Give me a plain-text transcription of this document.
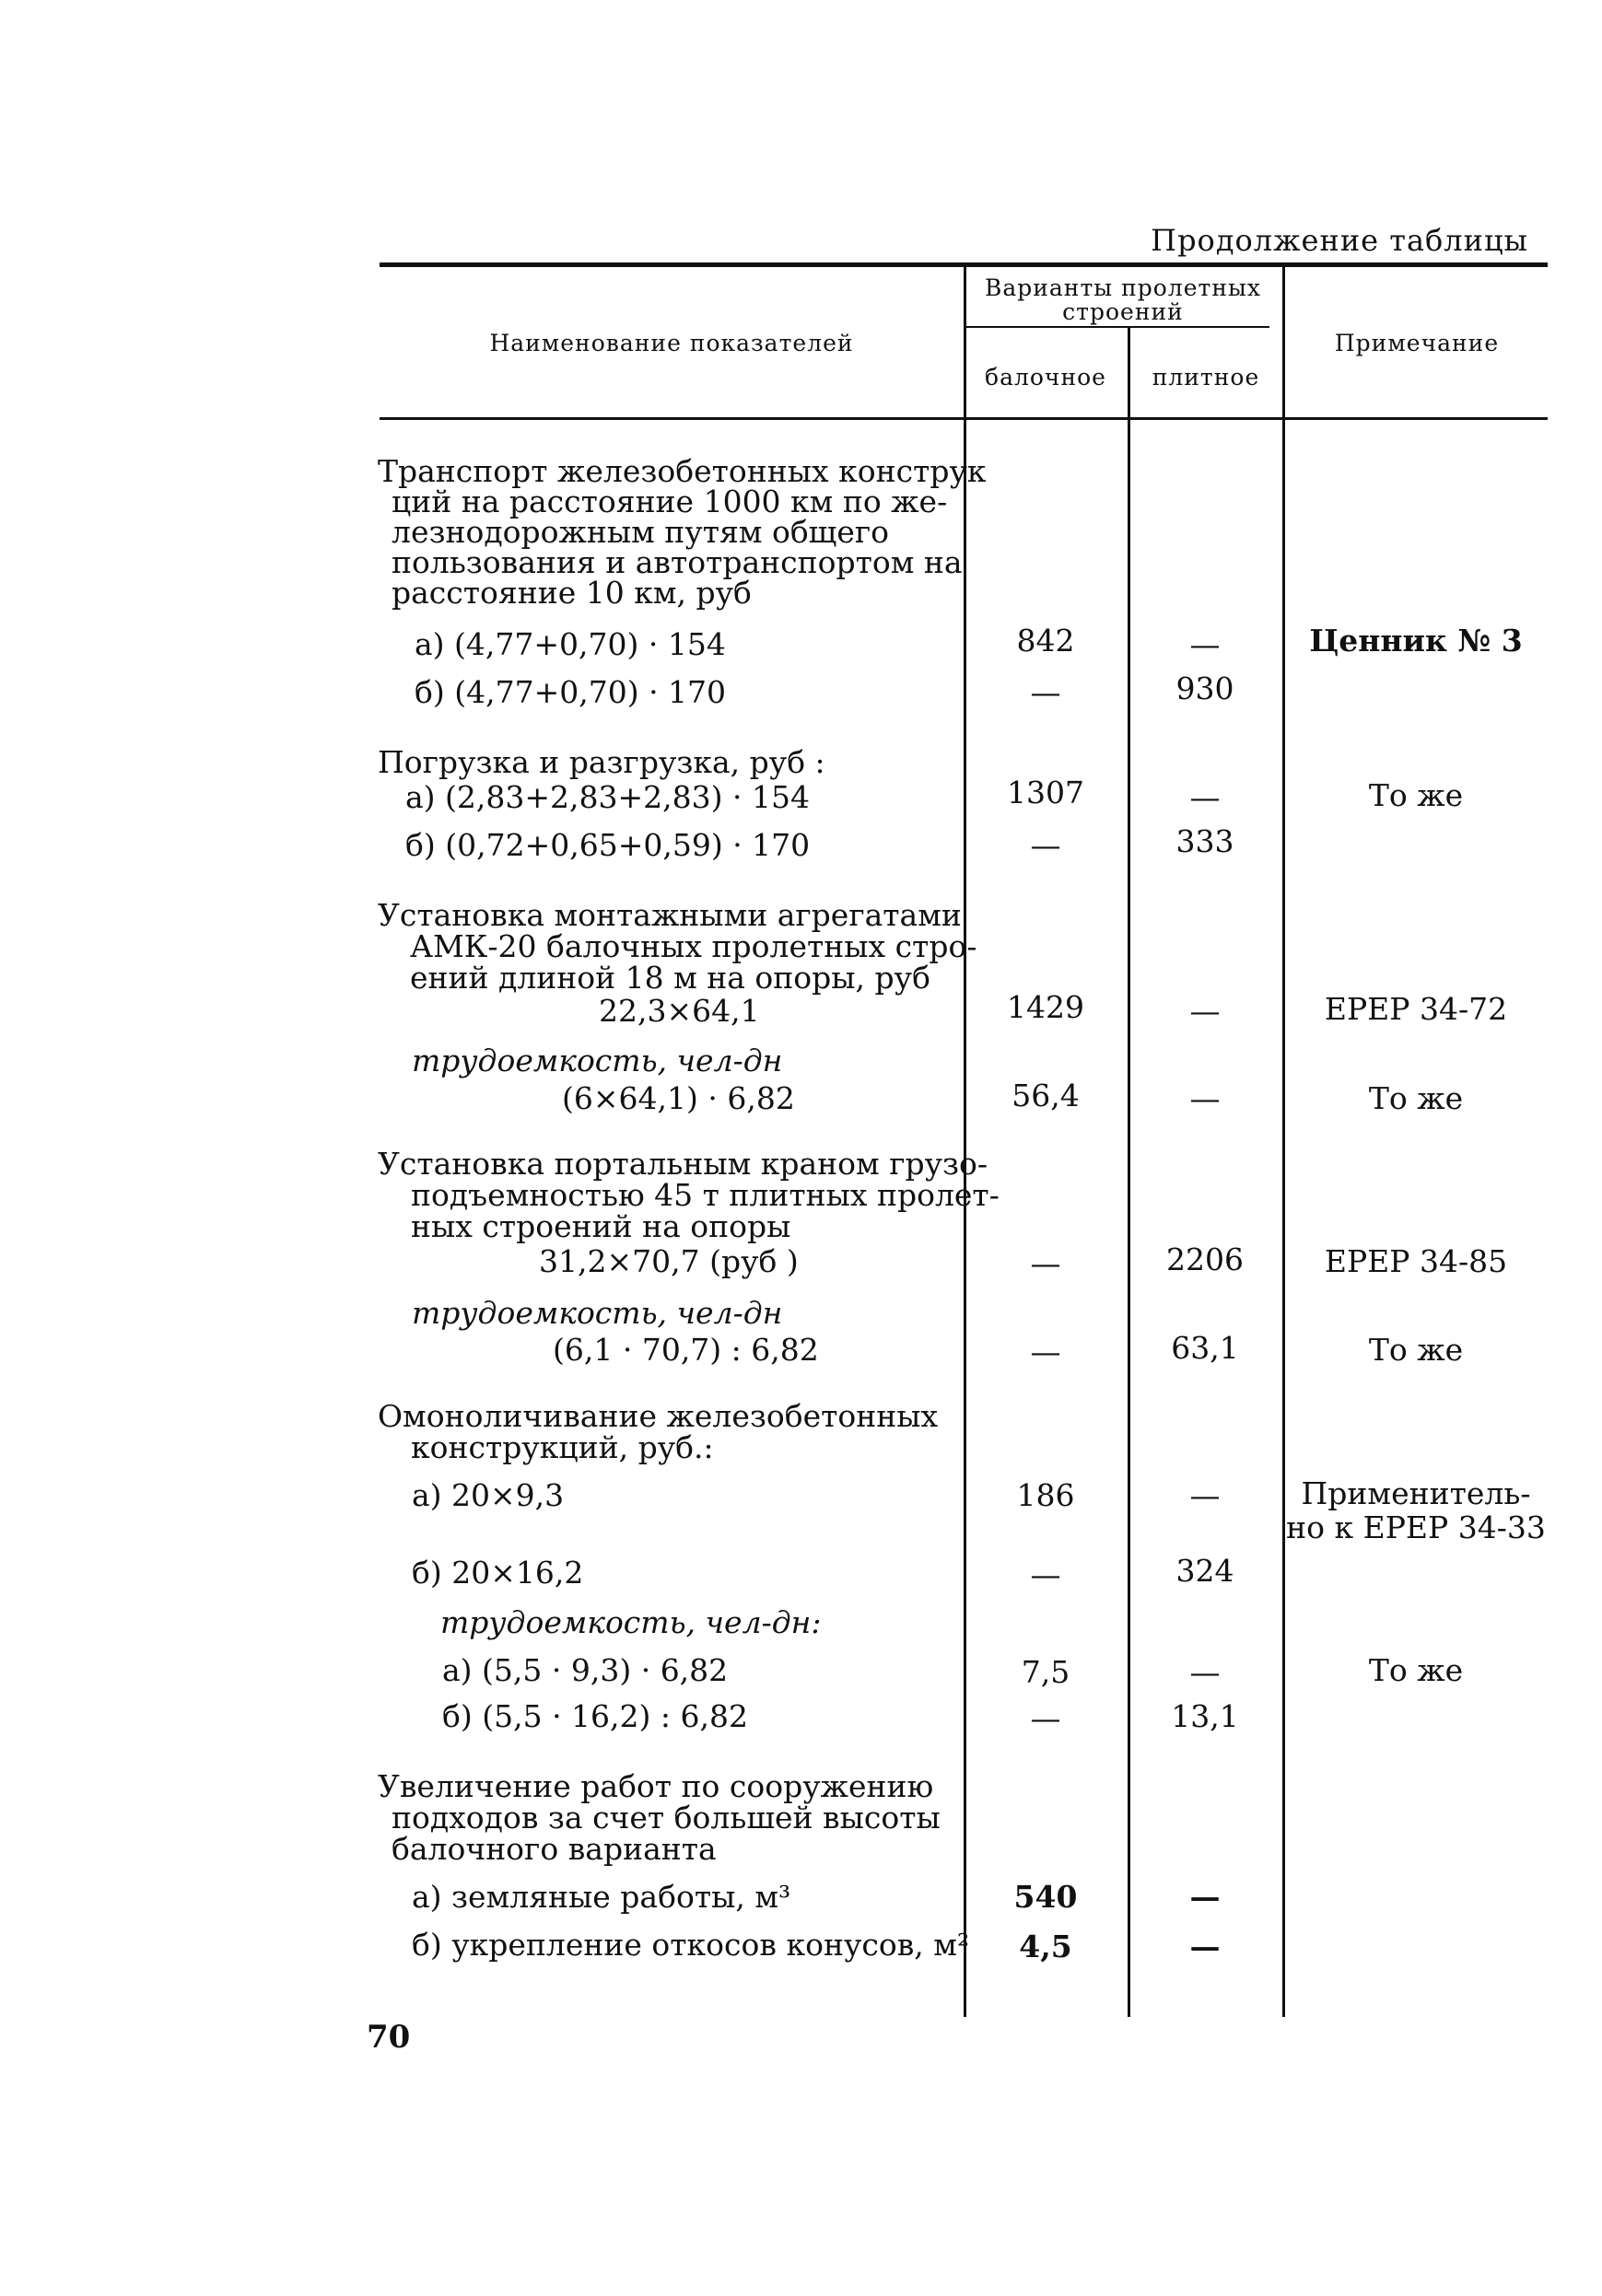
Продолжение таблицы
Наименование показателей
Варианты пролетных
строений
балочное	плитное
Примечание
Транспорт железобетонных конструк
ций на расстояние 1000 км по же-
лезнодорожным путям общего
пользования и автотранспортом на
расстояние 10 км, руб
а) (4,77+0,70) · 154	842	—	Ценник № 3
б) (4,77+0,70) · 170	—	930
Погрузка и разгрузка, руб :
а) (2,83+2,83+2,83) · 154	1307	—	То же
б) (0,72+0,65+0,59) · 170	—	333
Установка монтажными агрегатами
АМК-20 балочных пролетных стро-
ений длиной 18 м на опоры, руб
22,3×64,1	1429	—	ЕРЕР 34-72
трудоемкость, чел-дн
(6×64,1) · 6,82	56,4	—	То же
Установка портальным краном грузо-
подъемностью 45 т плитных пролет-
ных строений на опоры
31,2×70,7 (руб )	—	2206	ЕРЕР 34-85
трудоемкость, чел-дн
(6,1 · 70,7) : 6,82	—	63,1	То же
Омоноличивание железобетонных
конструкций, руб.:
а) 20×9,3	186	—	Применитель-
но к ЕРЕР 34-33
б) 20×16,2	—	324
трудоемкость, чел-дн:
а) (5,5 · 9,3) · 6,82	7,5	—	То же
б) (5,5 · 16,2) : 6,82	—	13,1
Увеличение работ по сооружению
подходов за счет большей высоты
балочного варианта
а) земляные работы, м³	540	—
б) укрепление откосов конусов, м²	4,5	—
70
